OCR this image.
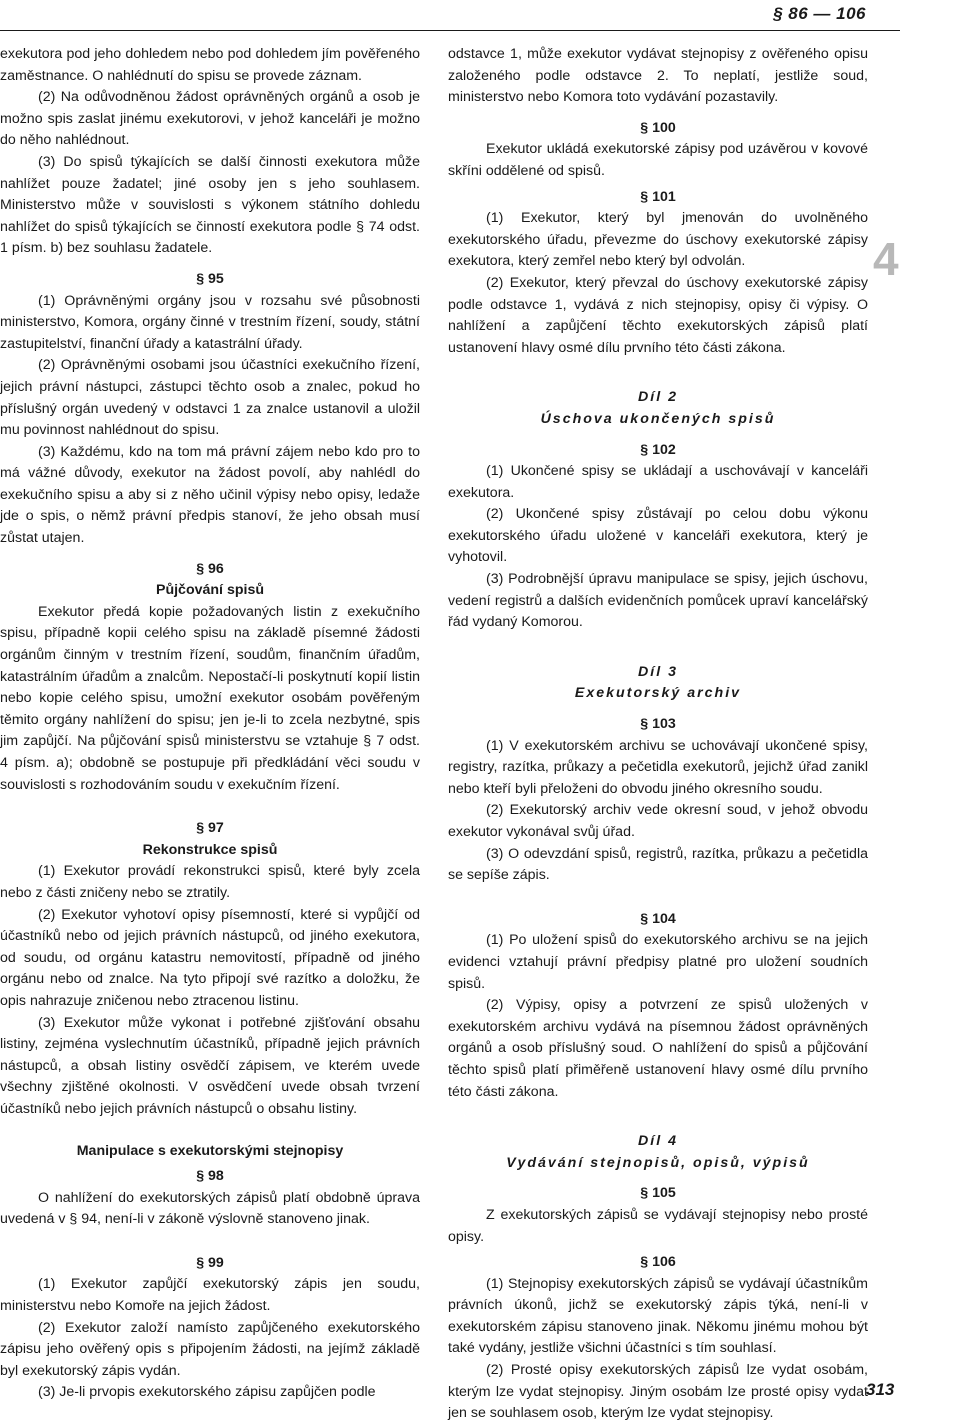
§ 86 — 106

exekutora pod jeho dohledem nebo pod dohledem jím pověřeného zaměstnance. O nahlédnutí do spisu se provede záznam.

(2) Na odůvodněnou žádost oprávněných orgánů a osob je možno spis zaslat jinému exekutorovi, v jehož kanceláři je možno do něho nahlédnout.

(3) Do spisů týkajících se další činnosti exekutora může nahlížet pouze žadatel; jiné osoby jen s jeho souhlasem. Ministerstvo může v souvislosti s výkonem státního dohledu nahlížet do spisů týkajících se činností exekutora podle § 74 odst. 1 písm. b) bez souhlasu žadatele.

§ 95

(1) Oprávněnými orgány jsou v rozsahu své působnosti ministerstvo, Komora, orgány činné v trestním řízení, soudy, státní zastupitelství, finanční úřady a katastrální úřady.

(2) Oprávněnými osobami jsou účastníci exekučního řízení, jejich právní nástupci, zástupci těchto osob a znalec, pokud ho příslušný orgán uvedený v odstavci 1 za znalce ustanovil a uložil mu povinnost nahlédnout do spisu.

(3) Každému, kdo na tom má právní zájem nebo kdo pro to má vážné důvody, exekutor na žádost povolí, aby nahlédl do exekučního spisu a aby si z něho učinil výpisy nebo opisy, ledaže jde o spis, o němž právní předpis stanoví, že jeho obsah musí zůstat utajen.

§ 96
Půjčování spisů

Exekutor předá kopie požadovaných listin z exekučního spisu, případně kopii celého spisu na základě písemné žádosti orgánům činným v trestním řízení, soudům, finančním úřadům, katastrálním úřadům a znalcům. Nepostačí-li poskytnutí kopií listin nebo kopie celého spisu, umožní exekutor osobám pověřeným těmito orgány nahlížení do spisu; jen je-li to zcela nezbytné, spis jim zapůjčí. Na půjčování spisů ministerstvu se vztahuje § 7 odst. 4 písm. a); obdobně se postupuje při předkládání věci soudu v souvislosti s rozhodováním soudu v exekučním řízení.

§ 97
Rekonstrukce spisů

(1) Exekutor provádí rekonstrukci spisů, které byly zcela nebo z části zničeny nebo se ztratily.

(2) Exekutor vyhotoví opisy písemností, které si vypůjčí od účastníků nebo od jejich právních nástupců, od jiného exekutora, od soudu, od orgánu katastru nemovitostí, případně od jiného orgánu nebo od znalce. Na tyto připojí své razítko a doložku, že opis nahrazuje zničenou nebo ztracenou listinu.

(3) Exekutor může vykonat i potřebné zjišťování obsahu listiny, zejména vyslechnutím účastníků, případně jejich právních nástupců, a obsah listiny osvědčí zápisem, ve kterém uvede všechny zjištěné okolnosti. V osvědčení uvede obsah tvrzení účastníků nebo jejich právních nástupců o obsahu listiny.

Manipulace s exekutorskými stejnopisy
§ 98

O nahlížení do exekutorských zápisů platí obdobně úprava uvedená v § 94, není-li v zákoně výslovně stanoveno jinak.

§ 99

(1) Exekutor zapůjčí exekutorský zápis jen soudu, ministerstvu nebo Komoře na jejich žádost.

(2) Exekutor založí namísto zapůjčeného exekutorského zápisu jeho ověřený opis s připojením žádosti, na jejímž základě byl exekutorský zápis vydán.

(3) Je-li prvopis exekutorského zápisu zapůjčen podle

odstavce 1, může exekutor vydávat stejnopisy z ověřeného opisu založeného podle odstavce 2. To neplatí, jestliže soud, ministerstvo nebo Komora toto vydávání pozastavily.

§ 100

Exekutor ukládá exekutorské zápisy pod uzávěrou v kovové skříni oddělené od spisů.

§ 101

(1) Exekutor, který byl jmenován do uvolněného exekutorského úřadu, převezme do úschovy exekutorské zápisy exekutora, který zemřel nebo který byl odvolán.

(2) Exekutor, který převzal do úschovy exekutorské zápisy podle odstavce 1, vydává z nich stejnopisy, opisy či výpisy. O nahlížení a zapůjčení těchto exekutorských zápisů platí ustanovení hlavy osmé dílu prvního této části zákona.

Díl 2
Úschova ukončených spisů
§ 102

(1) Ukončené spisy se ukládají a uschovávají v kanceláři exekutora.

(2) Ukončené spisy zůstávají po celou dobu výkonu exekutorského úřadu uložené v kanceláři exekutora, který je vyhotovil.

(3) Podrobnější úpravu manipulace se spisy, jejich úschovu, vedení registrů a dalších evidenčních pomůcek upraví kancelářský řád vydaný Komorou.

Díl 3
Exekutorský archiv
§ 103

(1) V exekutorském archivu se uchovávají ukončené spisy, registry, razítka, průkazy a pečetidla exekutorů, jejichž úřad zanikl nebo kteří byli přeloženi do obvodu jiného okresního soudu.

(2) Exekutorský archiv vede okresní soud, v jehož obvodu exekutor vykonával svůj úřad.

(3) O odevzdání spisů, registrů, razítka, průkazu a pečetidla se sepíše zápis.

§ 104

(1) Po uložení spisů do exekutorského archivu se na jejich evidenci vztahují právní předpisy platné pro uložení soudních spisů.

(2) Výpisy, opisy a potvrzení ze spisů uložených v exekutorském archivu vydává na písemnou žádost oprávněných orgánů a osob příslušný soud. O nahlížení do spisů a půjčování těchto spisů platí přiměřeně ustanovení hlavy osmé dílu prvního této části zákona.

Díl 4
Vydávání stejnopisů, opisů, výpisů
§ 105

Z exekutorských zápisů se vydávají stejnopisy nebo prosté opisy.

§ 106

(1) Stejnopisy exekutorských zápisů se vydávají účastníkům právních úkonů, jichž se exekutorský zápis týká, není-li v exekutorském zápisu stanoveno jinak. Někomu jinému mohou být také vydány, jestliže všichni účastníci s tím souhlasí.

(2) Prosté opisy exekutorských zápisů lze vydat osobám, kterým lze vydat stejnopisy. Jiným osobám lze prosté opisy vydat jen se souhlasem osob, kterým lze vydat stejnopisy.

4
313
